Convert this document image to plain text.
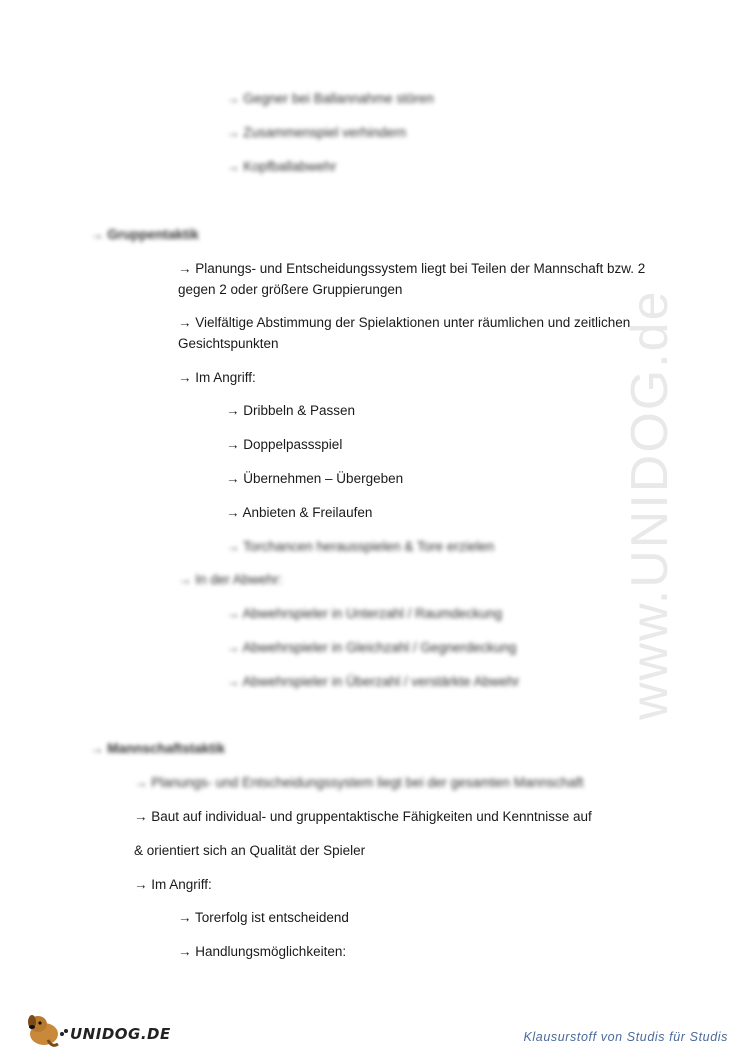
www.UNIDOG.de
→ Gegner bei Ballannahme stören
→ Zusammenspiel verhindern
→ Kopfballabwehr
→ Gruppentaktik
→ Planungs- und Entscheidungssystem liegt bei Teilen der Mannschaft bzw. 2 gegen 2 oder größere Gruppierungen
→ Vielfältige Abstimmung der Spielaktionen unter räumlichen und zeitlichen Gesichtspunkten
→ Im Angriff:
→ Dribbeln & Passen
→ Doppelpassspiel
→ Übernehmen – Übergeben
→ Anbieten & Freilaufen
→ Torchancen herausspielen & Tore erzielen
→ In der Abwehr:
→ Abwehrspieler in Unterzahl / Raumdeckung
→ Abwehrspieler in Gleichzahl / Gegnerdeckung
→ Abwehrspieler in Überzahl / verstärkte Abwehr
→ Mannschaftstaktik
→ Planungs- und Entscheidungssystem liegt bei der gesamten Mannschaft
→ Baut auf individual- und gruppentaktische Fähigkeiten und Kenntnisse auf
& orientiert sich an Qualität der Spieler
→ Im Angriff:
→ Torerfolg ist entscheidend
→ Handlungsmöglichkeiten:
UNIDOG.DE	Klausurstoff von Studis für Studis
